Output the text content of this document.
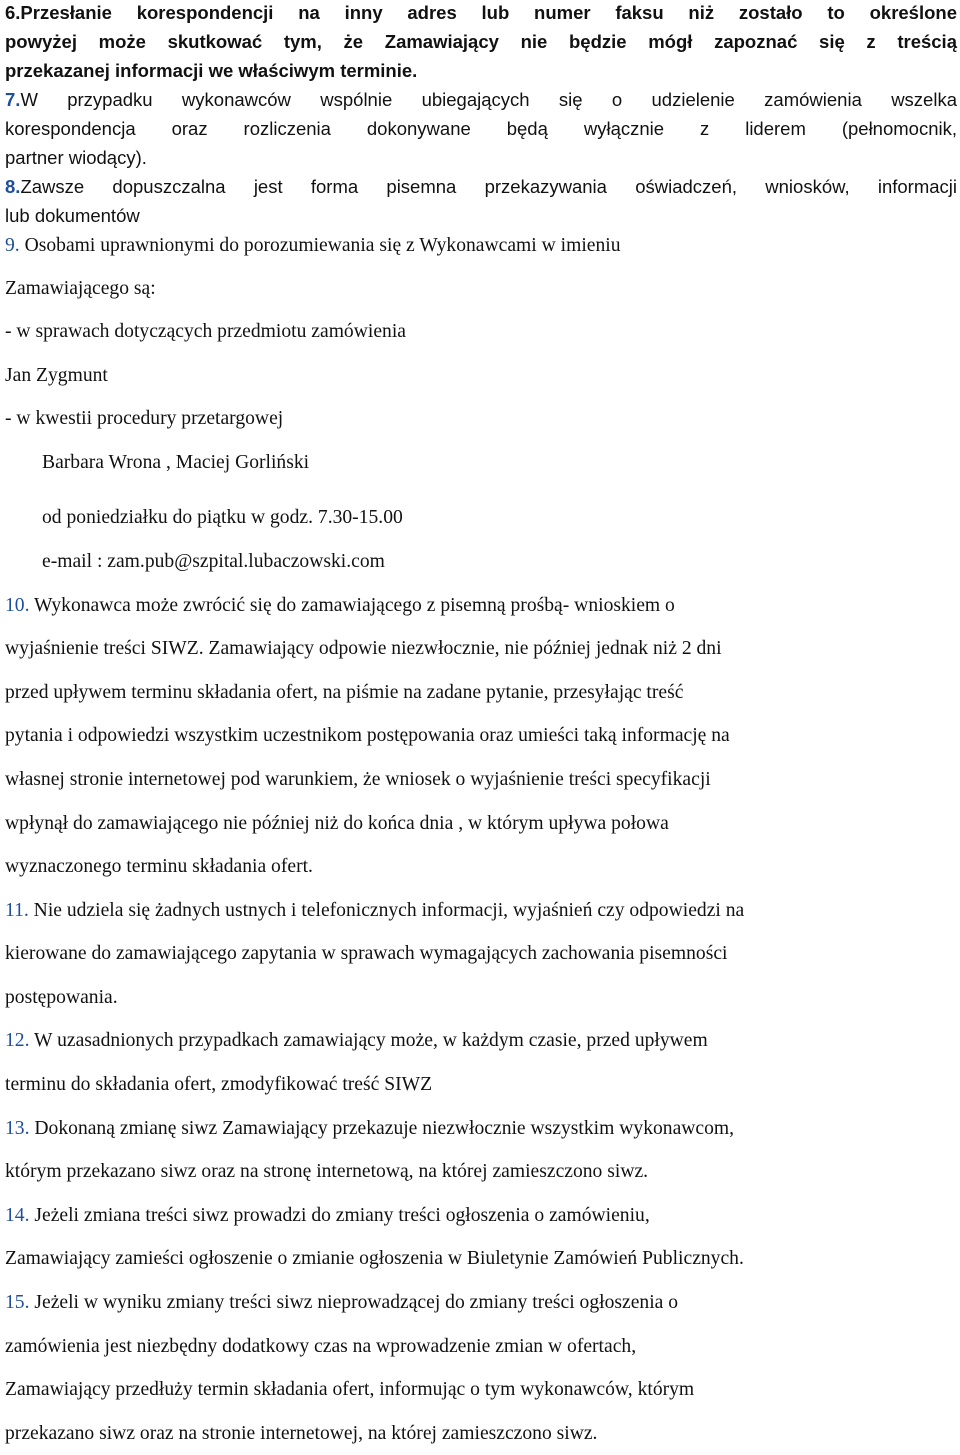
6.Przesłanie korespondencji na inny adres lub numer faksu niż zostało to określone
powyżej może skutkować tym, że Zamawiający nie będzie mógł zapoznać się z treścią
przekazanej informacji we właściwym terminie.
7.W przypadku wykonawców wspólnie ubiegających się o udzielenie zamówienia wszelka
korespondencja oraz rozliczenia dokonywane będą wyłącznie z liderem (pełnomocnik,
partner wiodący).
8.Zawsze dopuszczalna jest forma pisemna przekazywania oświadczeń, wniosków, informacji
lub dokumentów
9. Osobami uprawnionymi do porozumiewania się z Wykonawcami w imieniu
Zamawiającego są:
- w sprawach dotyczących przedmiotu zamówienia
Jan Zygmunt
- w kwestii procedury przetargowej
Barbara Wrona , Maciej Gorliński
od poniedziałku do piątku w godz. 7.30-15.00
e-mail : zam.pub@szpital.lubaczowski.com
10. Wykonawca może zwrócić się do zamawiającego z pisemną prośbą- wnioskiem o
wyjaśnienie treści SIWZ. Zamawiający odpowie niezwłocznie, nie później jednak niż 2 dni
przed upływem terminu składania ofert, na piśmie na zadane pytanie, przesyłając treść
pytania i odpowiedzi wszystkim uczestnikom postępowania oraz umieści taką informację na
własnej stronie internetowej pod warunkiem, że wniosek o wyjaśnienie treści specyfikacji
wpłynął do zamawiającego nie później niż do końca dnia , w którym upływa połowa
wyznaczonego terminu składania ofert.
11. Nie udziela się żadnych ustnych i telefonicznych informacji, wyjaśnień czy odpowiedzi na
kierowane do zamawiającego zapytania w sprawach wymagających zachowania pisemności
postępowania.
12. W uzasadnionych przypadkach zamawiający może, w każdym czasie, przed upływem
terminu do składania ofert, zmodyfikować treść SIWZ
13. Dokonaną zmianę siwz Zamawiający przekazuje niezwłocznie wszystkim wykonawcom,
którym przekazano siwz oraz na stronę internetową, na której zamieszczono siwz.
14. Jeżeli zmiana treści siwz prowadzi do zmiany treści ogłoszenia o zamówieniu,
Zamawiający zamieści ogłoszenie o zmianie ogłoszenia w Biuletynie Zamówień Publicznych.
15. Jeżeli w wyniku zmiany treści siwz nieprowadzącej do zmiany treści ogłoszenia o
zamówienia jest niezbędny dodatkowy czas na wprowadzenie zmian w ofertach,
Zamawiający przedłuży termin składania ofert, informując o tym wykonawców, którym
przekazano siwz oraz na stronie internetowej, na której zamieszczono siwz.
